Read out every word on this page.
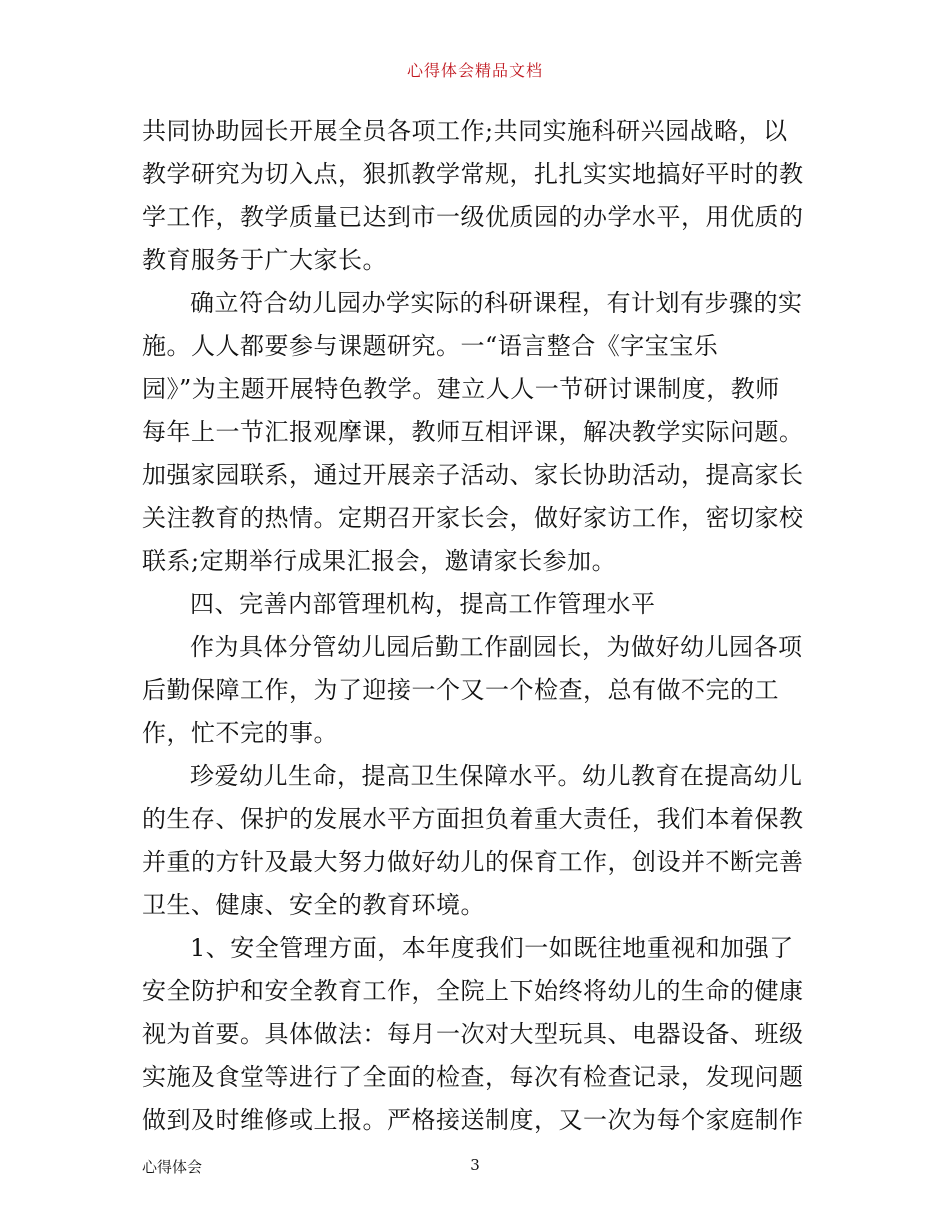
心得体会精品文档
共同协助园长开展全员各项工作;共同实施科研兴园战略，以
教学研究为切入点，狠抓教学常规，扎扎实实地搞好平时的教
学工作，教学质量已达到市一级优质园的办学水平，用优质的
教育服务于广大家长。
确立符合幼儿园办学实际的科研课程，有计划有步骤的实
施。人人都要参与课题研究。一“语言整合《字宝宝乐
园》”为主题开展特色教学。建立人人一节研讨课制度，教师
每年上一节汇报观摩课，教师互相评课，解决教学实际问题。
加强家园联系，通过开展亲子活动、家长协助活动，提高家长
关注教育的热情。定期召开家长会，做好家访工作，密切家校
联系;定期举行成果汇报会，邀请家长参加。
四、完善内部管理机构，提高工作管理水平
作为具体分管幼儿园后勤工作副园长，为做好幼儿园各项
后勤保障工作，为了迎接一个又一个检查，总有做不完的工
作，忙不完的事。
珍爱幼儿生命，提高卫生保障水平。幼儿教育在提高幼儿
的生存、保护的发展水平方面担负着重大责任，我们本着保教
并重的方针及最大努力做好幼儿的保育工作，创设并不断完善
卫生、健康、安全的教育环境。
1、安全管理方面，本年度我们一如既往地重视和加强了
安全防护和安全教育工作，全院上下始终将幼儿的生命的健康
视为首要。具体做法：每月一次对大型玩具、电器设备、班级
实施及食堂等进行了全面的检查，每次有检查记录，发现问题
做到及时维修或上报。严格接送制度，又一次为每个家庭制作
心得体会	3
